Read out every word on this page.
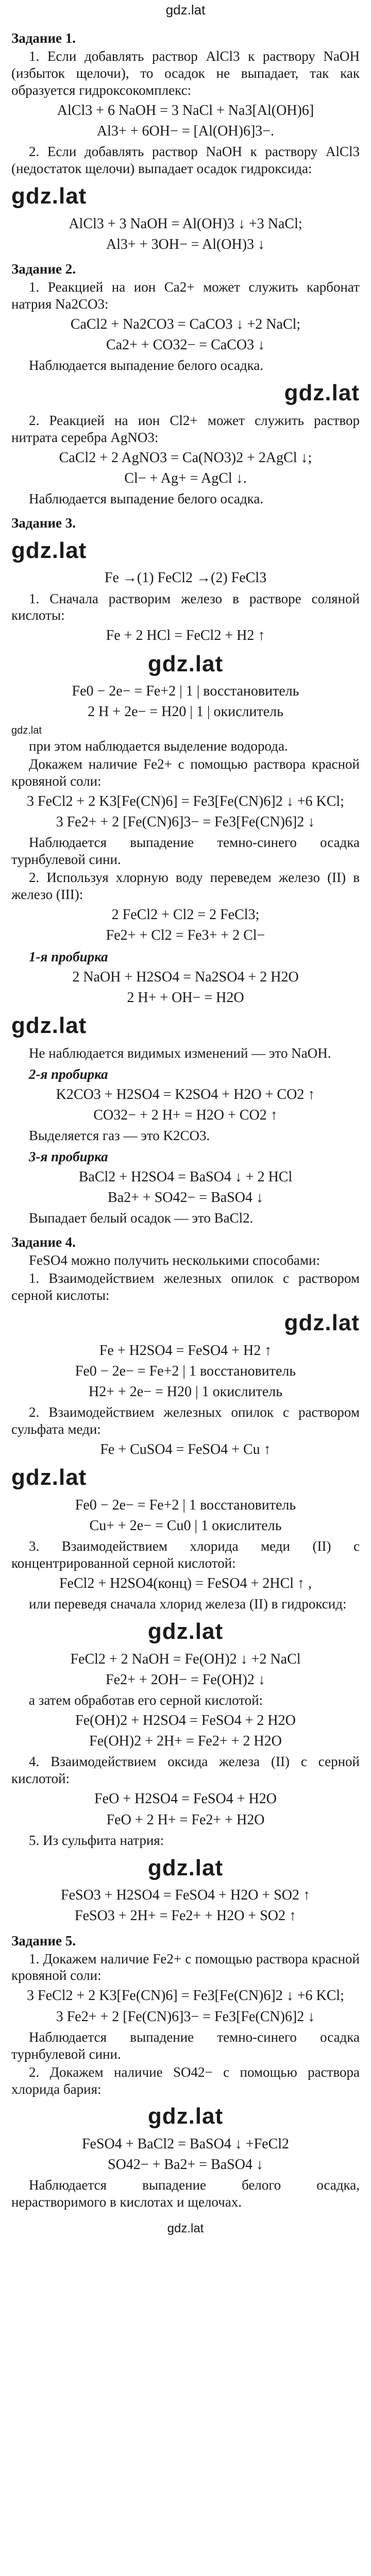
gdz.lat
Задание 1.
1. Если добавлять раствор AlCl3 к раствору NaOH (избыток щелочи), то осадок не выпадает, так как образуется гидроксокомплекс:
AlCl3 + 6 NaOH = 3 NaCl + Na3[Al(OH)6]
Al3+ + 6OH− = [Al(OH)6]3−.
2. Если добавлять раствор NaOH к раствору AlCl3 (недостаток щелочи) выпадает осадок гидроксида:
gdz.lat
AlCl3 + 3 NaOH = Al(OH)3 ↓ +3 NaCl;
Al3+ + 3OH− = Al(OH)3 ↓
Задание 2.
1. Реакцией на ион Ca2+ может служить карбонат натрия Na2CO3:
CaCl2 + Na2CO3 = CaCO3 ↓ +2 NaCl;
Ca2+ + CO32− = CaCO3 ↓
Наблюдается выпадение белого осадка.
gdz.lat
2. Реакцией на ион Cl2+ может служить раствор нитрата серебра AgNO3:
CaCl2 + 2 AgNO3 = Ca(NO3)2 + 2AgCl ↓;
Cl− + Ag+ = AgCl ↓.
Наблюдается выпадение белого осадка.
Задание 3.
gdz.lat
Fe →(1) FeCl2 →(2) FeCl3
1. Сначала растворим железо в растворе соляной кислоты:
Fe + 2 HCl = FeCl2 + H2 ↑
gdz.lat
Fe0 − 2e− = Fe+2 | 1 | восстановитель
2 H + 2e− = H20 | 1 | окислитель
gdz.lat
при этом наблюдается выделение водорода.
Докажем наличие Fe2+ с помощью раствора красной кровяной соли:
3 FeCl2 + 2 K3[Fe(CN)6] = Fe3[Fe(CN)6]2 ↓ +6 KCl;
3 Fe2+ + 2 [Fe(CN)6]3− = Fe3[Fe(CN)6]2 ↓
Наблюдается выпадение темно-синего осадка турнбулевой сини.
2. Используя хлорную воду переведем железо (II) в железо (III):
2 FeCl2 + Cl2 = 2 FeCl3;
Fe2+ + Cl2 = Fe3+ + 2 Cl−
1-я пробирка
2 NaOH + H2SO4 = Na2SO4 + 2 H2O
2 H+ + OH− = H2O
gdz.lat
Не наблюдается видимых изменений — это NaOH.
2-я пробирка
K2CO3 + H2SO4 = K2SO4 + H2O + CO2 ↑
CO32− + 2 H+ = H2O + CO2 ↑
Выделяется газ — это K2CO3.
3-я пробирка
BaCl2 + H2SO4 = BaSO4 ↓ + 2 HCl
Ba2+ + SO42− = BaSO4 ↓
Выпадает белый осадок — это BaCl2.
Задание 4.
FeSO4 можно получить несколькими способами:
1. Взаимодействием железных опилок с раствором серной кислоты:
gdz.lat
Fe + H2SO4 = FeSO4 + H2 ↑
Fe0 − 2e− = Fe+2 | 1 восстановитель
H2+ + 2e− = H20 | 1 окислитель
2. Взаимодействием железных опилок с раствором сульфата меди:
Fe + CuSO4 = FeSO4 + Cu ↑
gdz.lat
Fe0 − 2e− = Fe+2 | 1 восстановитель
Cu+ + 2e− = Cu0 | 1 окислитель
3. Взаимодействием хлорида меди (II) с концентрированной серной кислотой:
FeCl2 + H2SO4(конц) = FeSO4 + 2HCl ↑ ,
или переведя сначала хлорид железа (II) в гидроксид:
gdz.lat
FeCl2 + 2 NaOH = Fe(OH)2 ↓ +2 NaCl
Fe2+ + 2OH− = Fe(OH)2 ↓
а затем обработав его серной кислотой:
Fe(OH)2 + H2SO4 = FeSO4 + 2 H2O
Fe(OH)2 + 2H+ = Fe2+ + 2 H2O
4. Взаимодействием оксида железа (II) с серной кислотой:
FeO + H2SO4 = FeSO4 + H2O
FeO + 2 H+ = Fe2+ + H2O
5. Из сульфита натрия:
gdz.lat
FeSO3 + H2SO4 = FeSO4 + H2O + SO2 ↑
FeSO3 + 2H+ = Fe2+ + H2O + SO2 ↑
Задание 5.
1. Докажем наличие Fe2+ с помощью раствора красной кровяной соли:
3 FeCl2 + 2 K3[Fe(CN)6] = Fe3[Fe(CN)6]2 ↓ +6 KCl;
3 Fe2+ + 2 [Fe(CN)6]3− = Fe3[Fe(CN)6]2 ↓
Наблюдается выпадение темно-синего осадка турнбулевой сини.
2. Докажем наличие SO42− с помощью раствора хлорида бария:
gdz.lat
FeSO4 + BaCl2 = BaSO4 ↓ +FeCl2
SO42− + Ba2+ = BaSO4 ↓
Наблюдается выпадение белого осадка, нерастворимого в кислотах и щелочах.
gdz.lat
